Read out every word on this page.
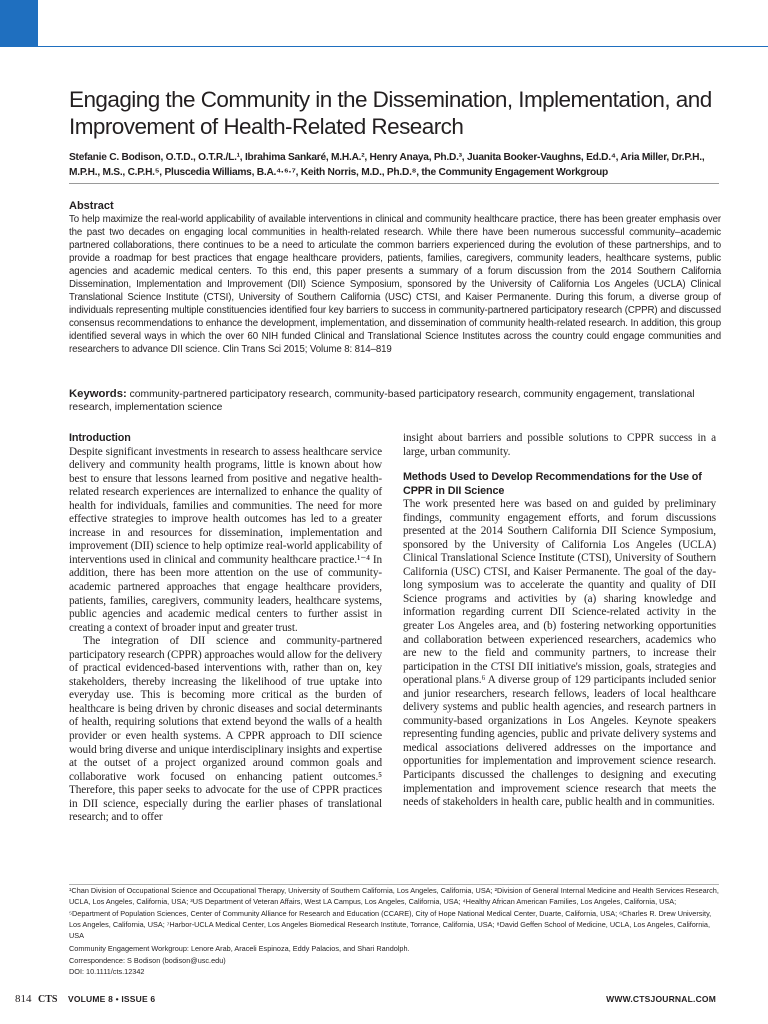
Engaging the Community in the Dissemination, Implementation, and Improvement of Health-Related Research

Stefanie C. Bodison, O.T.D., O.T.R./L.¹, Ibrahima Sankaré, M.H.A.², Henry Anaya, Ph.D.³, Juanita Booker-Vaughns, Ed.D.⁴, Aria Miller, Dr.P.H., M.P.H., M.S., C.P.H.⁵, Pluscedia Williams, B.A.⁴·⁶·⁷, Keith Norris, M.D., Ph.D.⁸, the Community Engagement Workgroup

Abstract

To help maximize the real-world applicability of available interventions in clinical and community healthcare practice, there has been greater emphasis over the past two decades on engaging local communities in health-related research. While there have been numerous successful community–academic partnered collaborations, there continues to be a need to articulate the common barriers experienced during the evolution of these partnerships, and to provide a roadmap for best practices that engage healthcare providers, patients, families, caregivers, community leaders, healthcare systems, public agencies and academic medical centers. To this end, this paper presents a summary of a forum discussion from the 2014 Southern California Dissemination, Implementation and Improvement (DII) Science Symposium, sponsored by the University of California Los Angeles (UCLA) Clinical Translational Science Institute (CTSI), University of Southern California (USC) CTSI, and Kaiser Permanente. During this forum, a diverse group of individuals representing multiple constituencies identified four key barriers to success in community-partnered participatory research (CPPR) and discussed consensus recommendations to enhance the development, implementation, and dissemination of community health-related research. In addition, this group identified several ways in which the over 60 NIH funded Clinical and Translational Science Institutes across the country could engage communities and researchers to advance DII science. Clin Trans Sci 2015; Volume 8: 814–819

Keywords: community-partnered participatory research, community-based participatory research, community engagement, translational research, implementation science

Introduction

Despite significant investments in research to assess healthcare service delivery and community health programs, little is known about how best to ensure that lessons learned from positive and negative health-related research experiences are internalized to enhance the quality of health for individuals, families and communities. The need for more effective strategies to improve health outcomes has led to a greater increase in and resources for dissemination, implementation and improvement (DII) science to help optimize real-world applicability of interventions used in clinical and community healthcare practice.¹⁻⁴ In addition, there has been more attention on the use of community-academic partnered approaches that engage healthcare providers, patients, families, caregivers, community leaders, healthcare systems, public agencies and academic medical centers to further assist in creating a context of broader input and greater trust.

The integration of DII science and community-partnered participatory research (CPPR) approaches would allow for the delivery of practical evidenced-based interventions with, rather than on, key stakeholders, thereby increasing the likelihood of true uptake into everyday use. This is becoming more critical as the burden of healthcare is being driven by chronic diseases and social determinants of health, requiring solutions that extend beyond the walls of a health provider or even health systems. A CPPR approach to DII science would bring diverse and unique interdisciplinary insights and expertise at the outset of a project organized around common goals and collaborative work focused on enhancing patient outcomes.⁵ Therefore, this paper seeks to advocate for the use of CPPR practices in DII science, especially during the earlier phases of translational research; and to offer

insight about barriers and possible solutions to CPPR success in a large, urban community.

Methods Used to Develop Recommendations for the Use of CPPR in DII Science

The work presented here was based on and guided by preliminary findings, community engagement efforts, and forum discussions presented at the 2014 Southern California DII Science Symposium, sponsored by the University of California Los Angeles (UCLA) Clinical Translational Science Institute (CTSI), University of Southern California (USC) CTSI, and Kaiser Permanente. The goal of the day-long symposium was to accelerate the quantity and quality of DII Science programs and activities by (a) sharing knowledge and information regarding current DII Science-related activity in the greater Los Angeles area, and (b) fostering networking opportunities and collaboration between experienced researchers, academics who are new to the field and community partners, to increase their participation in the CTSI DII initiative's mission, goals, strategies and operational plans.⁶ A diverse group of 129 participants included senior and junior researchers, research fellows, leaders of local healthcare delivery systems and public health agencies, and research partners in community-based organizations in Los Angeles. Keynote speakers representing funding agencies, public and private delivery systems and medical associations delivered addresses on the importance and opportunities for implementation and improvement science research. Participants discussed the challenges to designing and executing implementation and improvement science research that meets the needs of stakeholders in health care, public health and in communities.

¹Chan Division of Occupational Science and Occupational Therapy, University of Southern California, Los Angeles, California, USA; ²Division of General Internal Medicine and Health Services Research, UCLA, Los Angeles, California, USA; ³US Department of Veteran Affairs, West LA Campus, Los Angeles, California, USA; ⁴Healthy African American Families, Los Angeles, California, USA; ⁵Department of Population Sciences, Center of Community Alliance for Research and Education (CCARE), City of Hope National Medical Center, Duarte, California, USA; ⁶Charles R. Drew University, Los Angeles, California, USA; ⁷Harbor-UCLA Medical Center, Los Angeles Biomedical Research Institute, Torrance, California, USA; ⁸David Geffen School of Medicine, UCLA, Los Angeles, California, USA

Community Engagement Workgroup: Lenore Arab, Araceli Espinoza, Eddy Palacios, and Shari Randolph.

Correspondence: S Bodison (bodison@usc.edu)

DOI: 10.1111/cts.12342

814 CTS VOLUME 8 • ISSUE 6	WWW.CTSJOURNAL.COM
